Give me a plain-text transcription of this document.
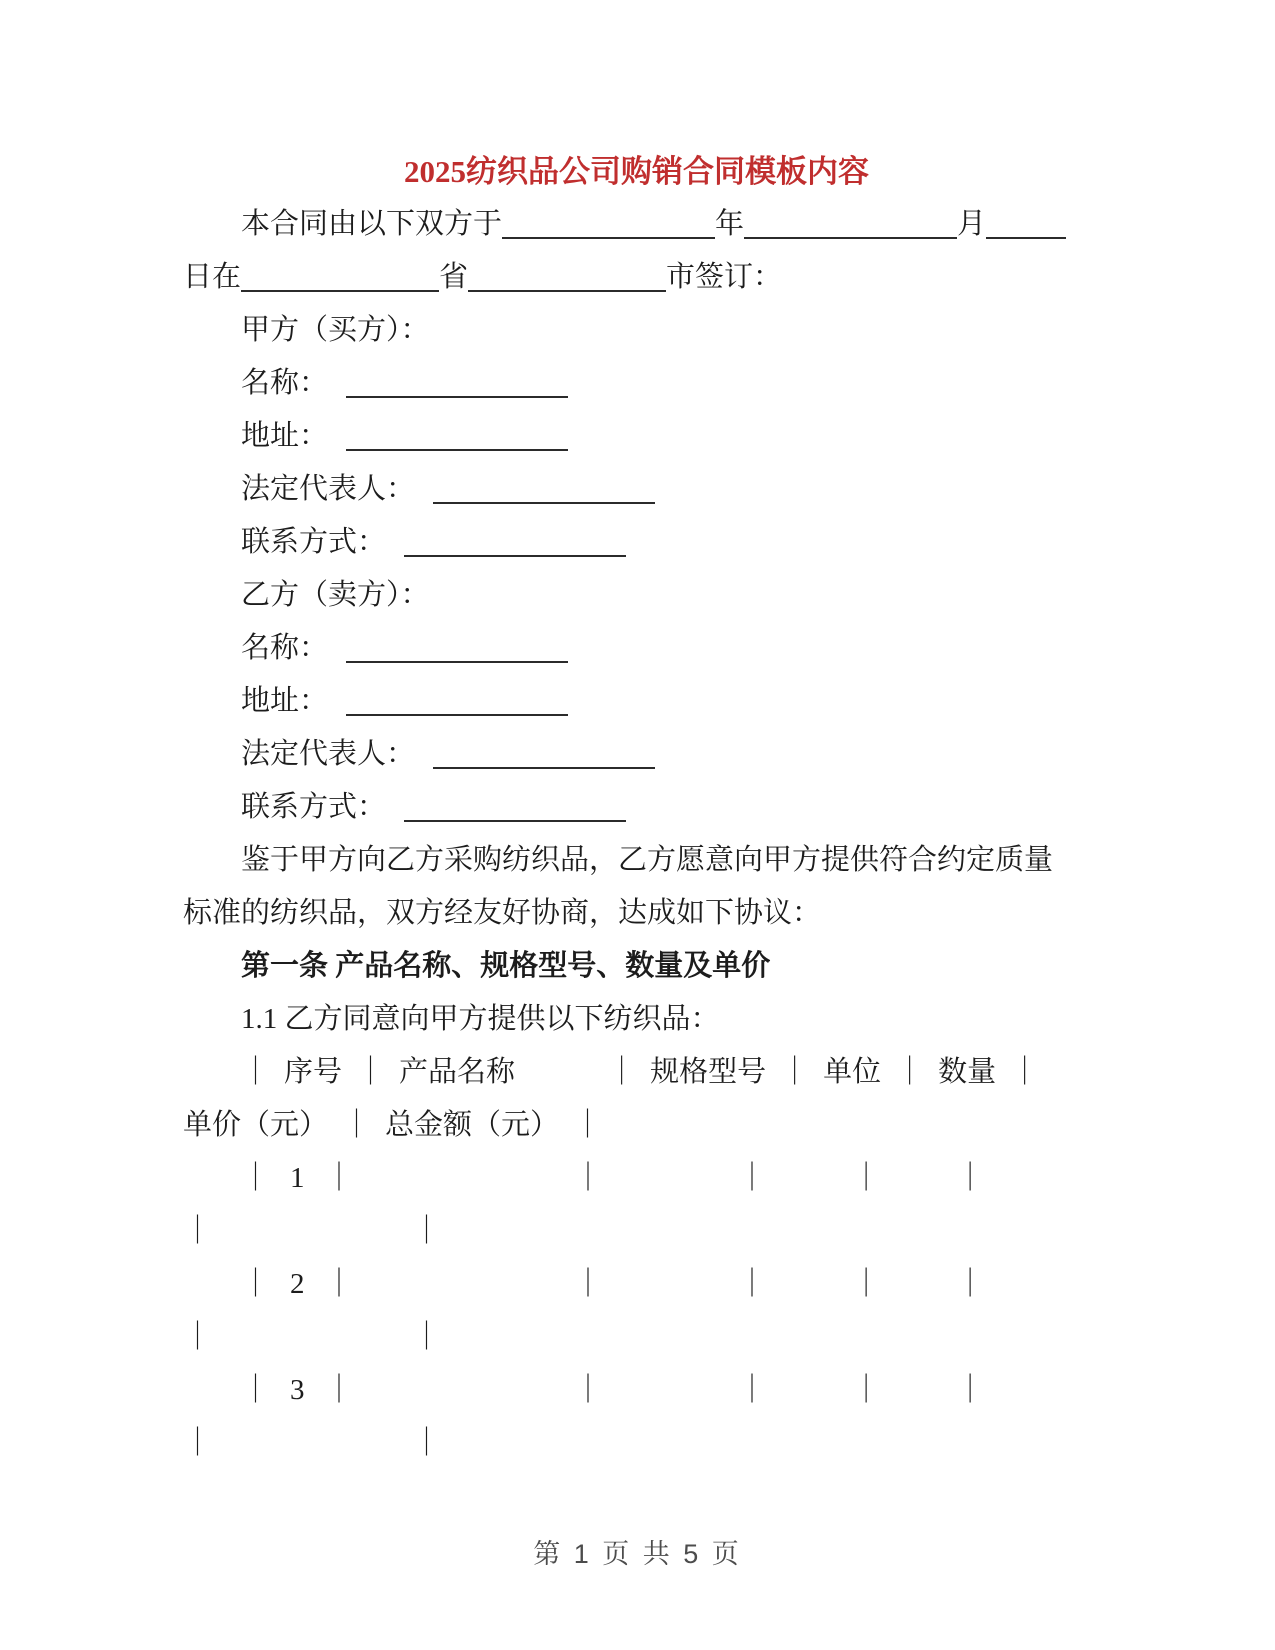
2025纺织品公司购销合同模板内容
本合同由以下双方于	年	月
日在	省	市签订：
甲方（买方）：
名称：
地址：
法定代表人：
联系方式：
乙方（卖方）：
名称：
地址：
法定代表人：
联系方式：
鉴于甲方向乙方采购纺织品，乙方愿意向甲方提供符合约定质量
标准的纺织品，双方经友好协商，达成如下协议：
第一条 产品名称、规格型号、数量及单价
1.1 乙方同意向甲方提供以下纺织品：
｜ 序号 ｜ 产品名称	｜ 规格型号 ｜ 单位 ｜ 数量 ｜
单价（元） ｜ 总金额（元） ｜
｜ 1 ｜	｜	｜	｜	｜
｜	｜
｜ 2 ｜	｜	｜	｜	｜
｜	｜
｜ 3 ｜	｜	｜	｜	｜
｜	｜
第 1 页 共 5 页
